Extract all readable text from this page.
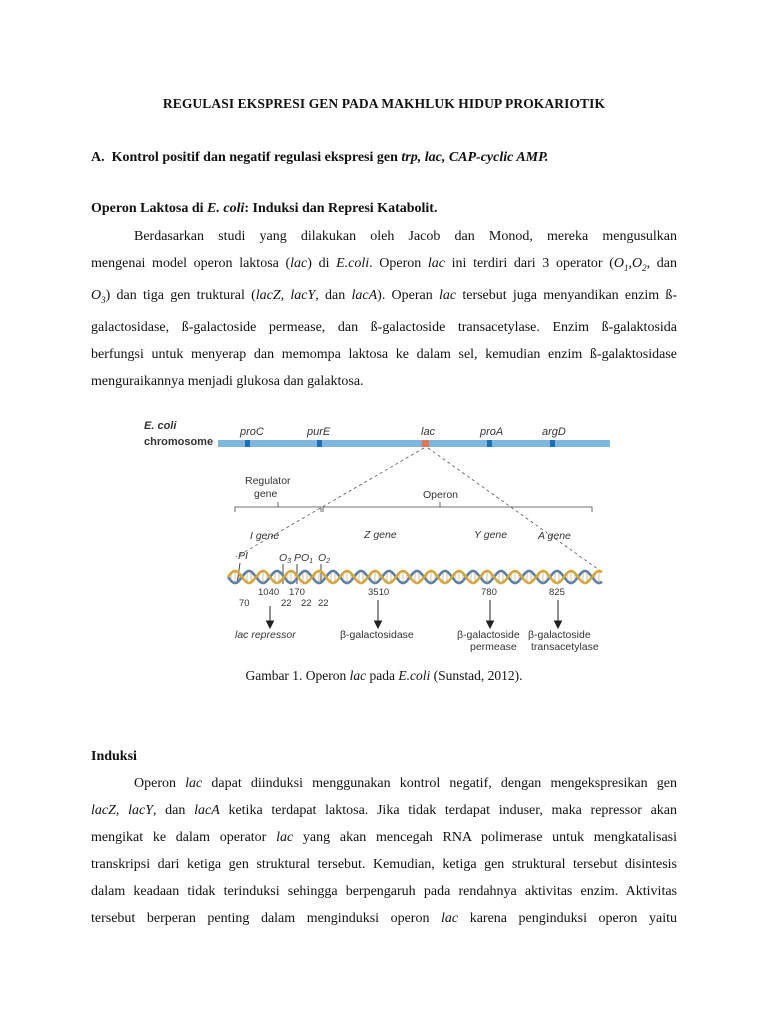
REGULASI EKSPRESI GEN PADA MAKHLUK HIDUP PROKARIOTIK
A. Kontrol positif dan negatif regulasi ekspresi gen trp, lac, CAP-cyclic AMP.
Operon Laktosa di E. coli: Induksi dan Represi Katabolit.
Berdasarkan studi yang dilakukan oleh Jacob dan Monod, mereka mengusulkan
mengenai model operon laktosa (lac) di E.coli. Operon lac ini terdiri dari 3 operator ($O_1,O_2$, dan
$O_3$) dan tiga gen truktural (lacZ, lacY, dan lacA). Operan lac tersebut juga menyandikan enzim ß-
galactosidase, ß-galactoside permease, dan ß-galactoside transacetylase. Enzim ß-galaktosida
berfungsi untuk menyerap dan memompa laktosa ke dalam sel, kemudian enzim ß-galaktosidase
menguraikannya menjadi glukosa dan galaktosa.
E. coli
chromosome
proC	purE	lac	proA	argD
Regulator
gene	Operon
I gene	Z gene	Y gene	A gene
PI	O3 PO1 O2
70
1040 170
22 22 22
3510	780	825
lac repressor	β-galactosidase	β-galactoside
permease
β-galactoside
transacetylase
Gambar 1. Operon lac pada E.coli (Sunstad, 2012).
Induksi
Operon lac dapat diinduksi menggunakan kontrol negatif, dengan mengekspresikan gen
lacZ, lacY, dan lacA ketika terdapat laktosa. Jika tidak terdapat induser, maka repressor akan
mengikat ke dalam operator lac yang akan mencegah RNA polimerase untuk mengkatalisasi
transkripsi dari ketiga gen struktural tersebut. Kemudian, ketiga gen struktural tersebut disintesis
dalam keadaan tidak terinduksi sehingga berpengaruh pada rendahnya aktivitas enzim. Aktivitas
tersebut berperan penting dalam menginduksi operon lac karena penginduksi operon yaitu
